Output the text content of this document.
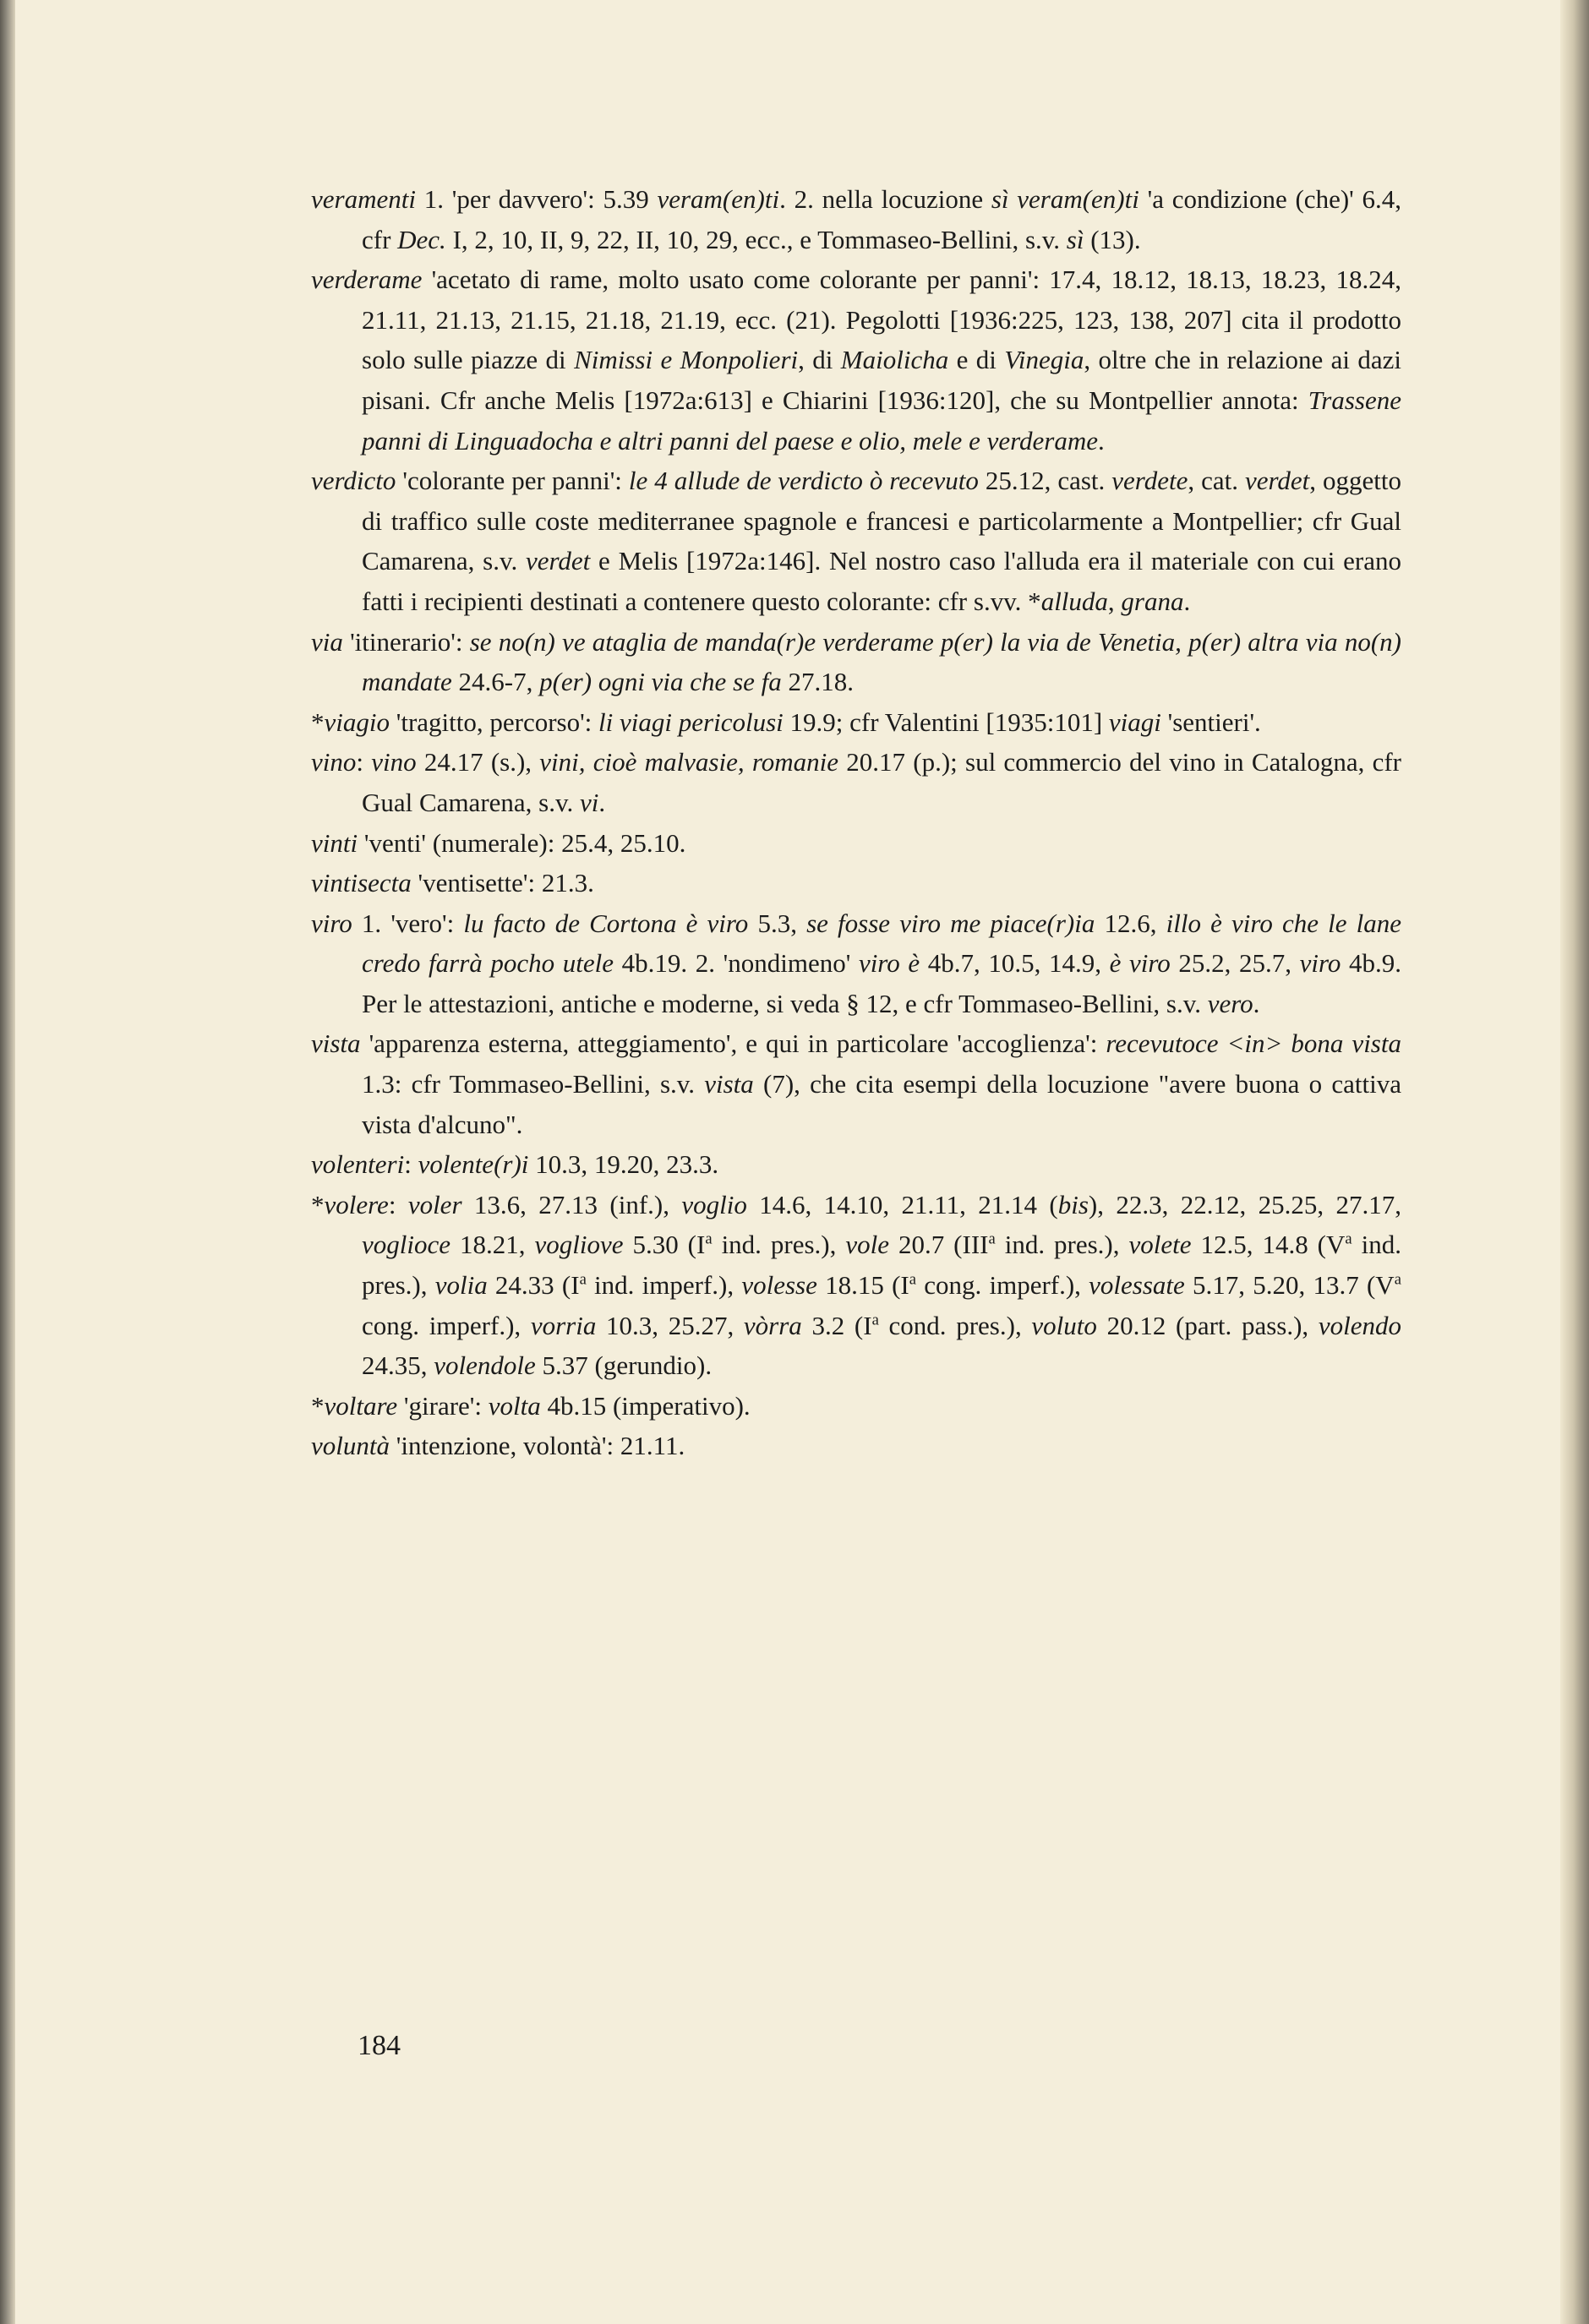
veramenti 1. 'per davvero': 5.39 veram(en)ti. 2. nella locuzione sì veram(en)ti 'a condizione (che)' 6.4, cfr Dec. I, 2, 10, II, 9, 22, II, 10, 29, ecc., e Tommaseo-Bellini, s.v. sì (13).

verderame 'acetato di rame, molto usato come colorante per panni': 17.4, 18.12, 18.13, 18.23, 18.24, 21.11, 21.13, 21.15, 21.18, 21.19, ecc. (21). Pegolotti [1936:225, 123, 138, 207] cita il prodotto solo sulle piazze di Nimissi e Monpolieri, di Maiolicha e di Vinegia, oltre che in relazione ai dazi pisani. Cfr anche Melis [1972a:613] e Chiarini [1936:120], che su Montpellier annota: Trassene panni di Linguadocha e altri panni del paese e olio, mele e verderame.

verdicto 'colorante per panni': le 4 allude de verdicto ò recevuto 25.12, cast. verdete, cat. verdet, oggetto di traffico sulle coste mediterranee spagnole e francesi e particolarmente a Montpellier; cfr Gual Camarena, s.v. verdet e Melis [1972a:146]. Nel nostro caso l'alluda era il materiale con cui erano fatti i recipienti destinati a contenere questo colorante: cfr s.vv. *alluda, grana.

via 'itinerario': se no(n) ve ataglia de manda(r)e verderame p(er) la via de Venetia, p(er) altra via no(n) mandate 24.6-7, p(er) ogni via che se fa 27.18.

*viagio 'tragitto, percorso': li viagi pericolusi 19.9; cfr Valentini [1935:101] viagi 'sentieri'.

vino: vino 24.17 (s.), vini, cioè malvasie, romanie 20.17 (p.); sul commercio del vino in Catalogna, cfr Gual Camarena, s.v. vi.

vinti 'venti' (numerale): 25.4, 25.10.

vintisecta 'ventisette': 21.3.

viro 1. 'vero': lu facto de Cortona è viro 5.3, se fosse viro me piace(r)ia 12.6, illo è viro che le lane credo farrà pocho utele 4b.19. 2. 'nondimeno' viro è 4b.7, 10.5, 14.9, è viro 25.2, 25.7, viro 4b.9. Per le attestazioni, antiche e moderne, si veda § 12, e cfr Tommaseo-Bellini, s.v. vero.

vista 'apparenza esterna, atteggiamento', e qui in particolare 'accoglienza': recevutoce <in> bona vista 1.3: cfr Tommaseo-Bellini, s.v. vista (7), che cita esempi della locuzione "avere buona o cattiva vista d'alcuno".

volenteri: volente(r)i 10.3, 19.20, 23.3.

*volere: voler 13.6, 27.13 (inf.), voglio 14.6, 14.10, 21.11, 21.14 (bis), 22.3, 22.12, 25.25, 27.17, voglioce 18.21, vogliove 5.30 ($I^a$ ind. pres.), vole 20.7 (III$^a$ ind. pres.), volete 12.5, 14.8 ($V^a$ ind. pres.), volia 24.33 ($I^a$ ind. imperf.), volesse 18.15 ($I^a$ cong. imperf.), volessate 5.17, 5.20, 13.7 ($V^a$ cong. imperf.), vorria 10.3, 25.27, vòrra 3.2 ($I^a$ cond. pres.), voluto 20.12 (part. pass.), volendo 24.35, volendole 5.37 (gerundio).

*voltare 'girare': volta 4b.15 (imperativo).

voluntà 'intenzione, volontà': 21.11.

184
